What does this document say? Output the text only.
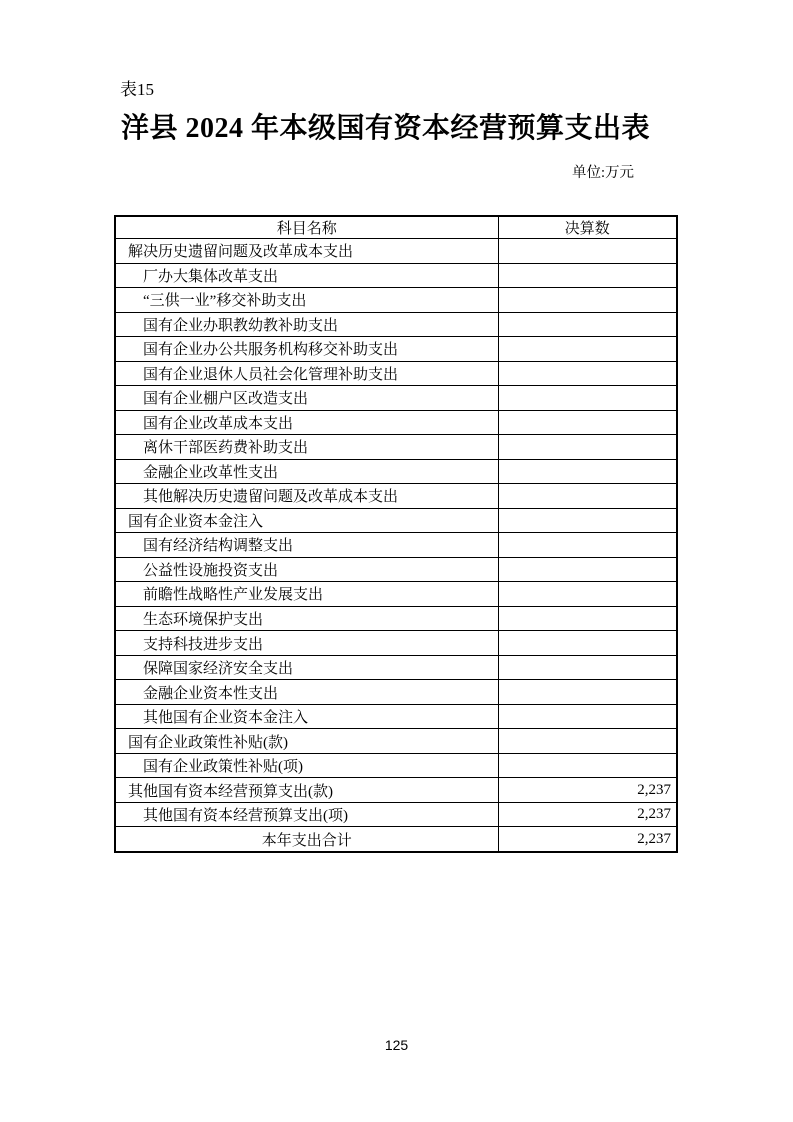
表15
洋县 2024 年本级国有资本经营预算支出表
单位:万元
科目名称	决算数
解决历史遗留问题及改革成本支出	
厂办大集体改革支出	
“三供一业”移交补助支出	
国有企业办职教幼教补助支出	
国有企业办公共服务机构移交补助支出	
国有企业退休人员社会化管理补助支出	
国有企业棚户区改造支出	
国有企业改革成本支出	
离休干部医药费补助支出	
金融企业改革性支出	
其他解决历史遗留问题及改革成本支出	
国有企业资本金注入	
国有经济结构调整支出	
公益性设施投资支出	
前瞻性战略性产业发展支出	
生态环境保护支出	
支持科技进步支出	
保障国家经济安全支出	
金融企业资本性支出	
其他国有企业资本金注入	
国有企业政策性补贴(款)	
国有企业政策性补贴(项)	
其他国有资本经营预算支出(款)	2,237
其他国有资本经营预算支出(项)	2,237
本年支出合计	2,237
125
